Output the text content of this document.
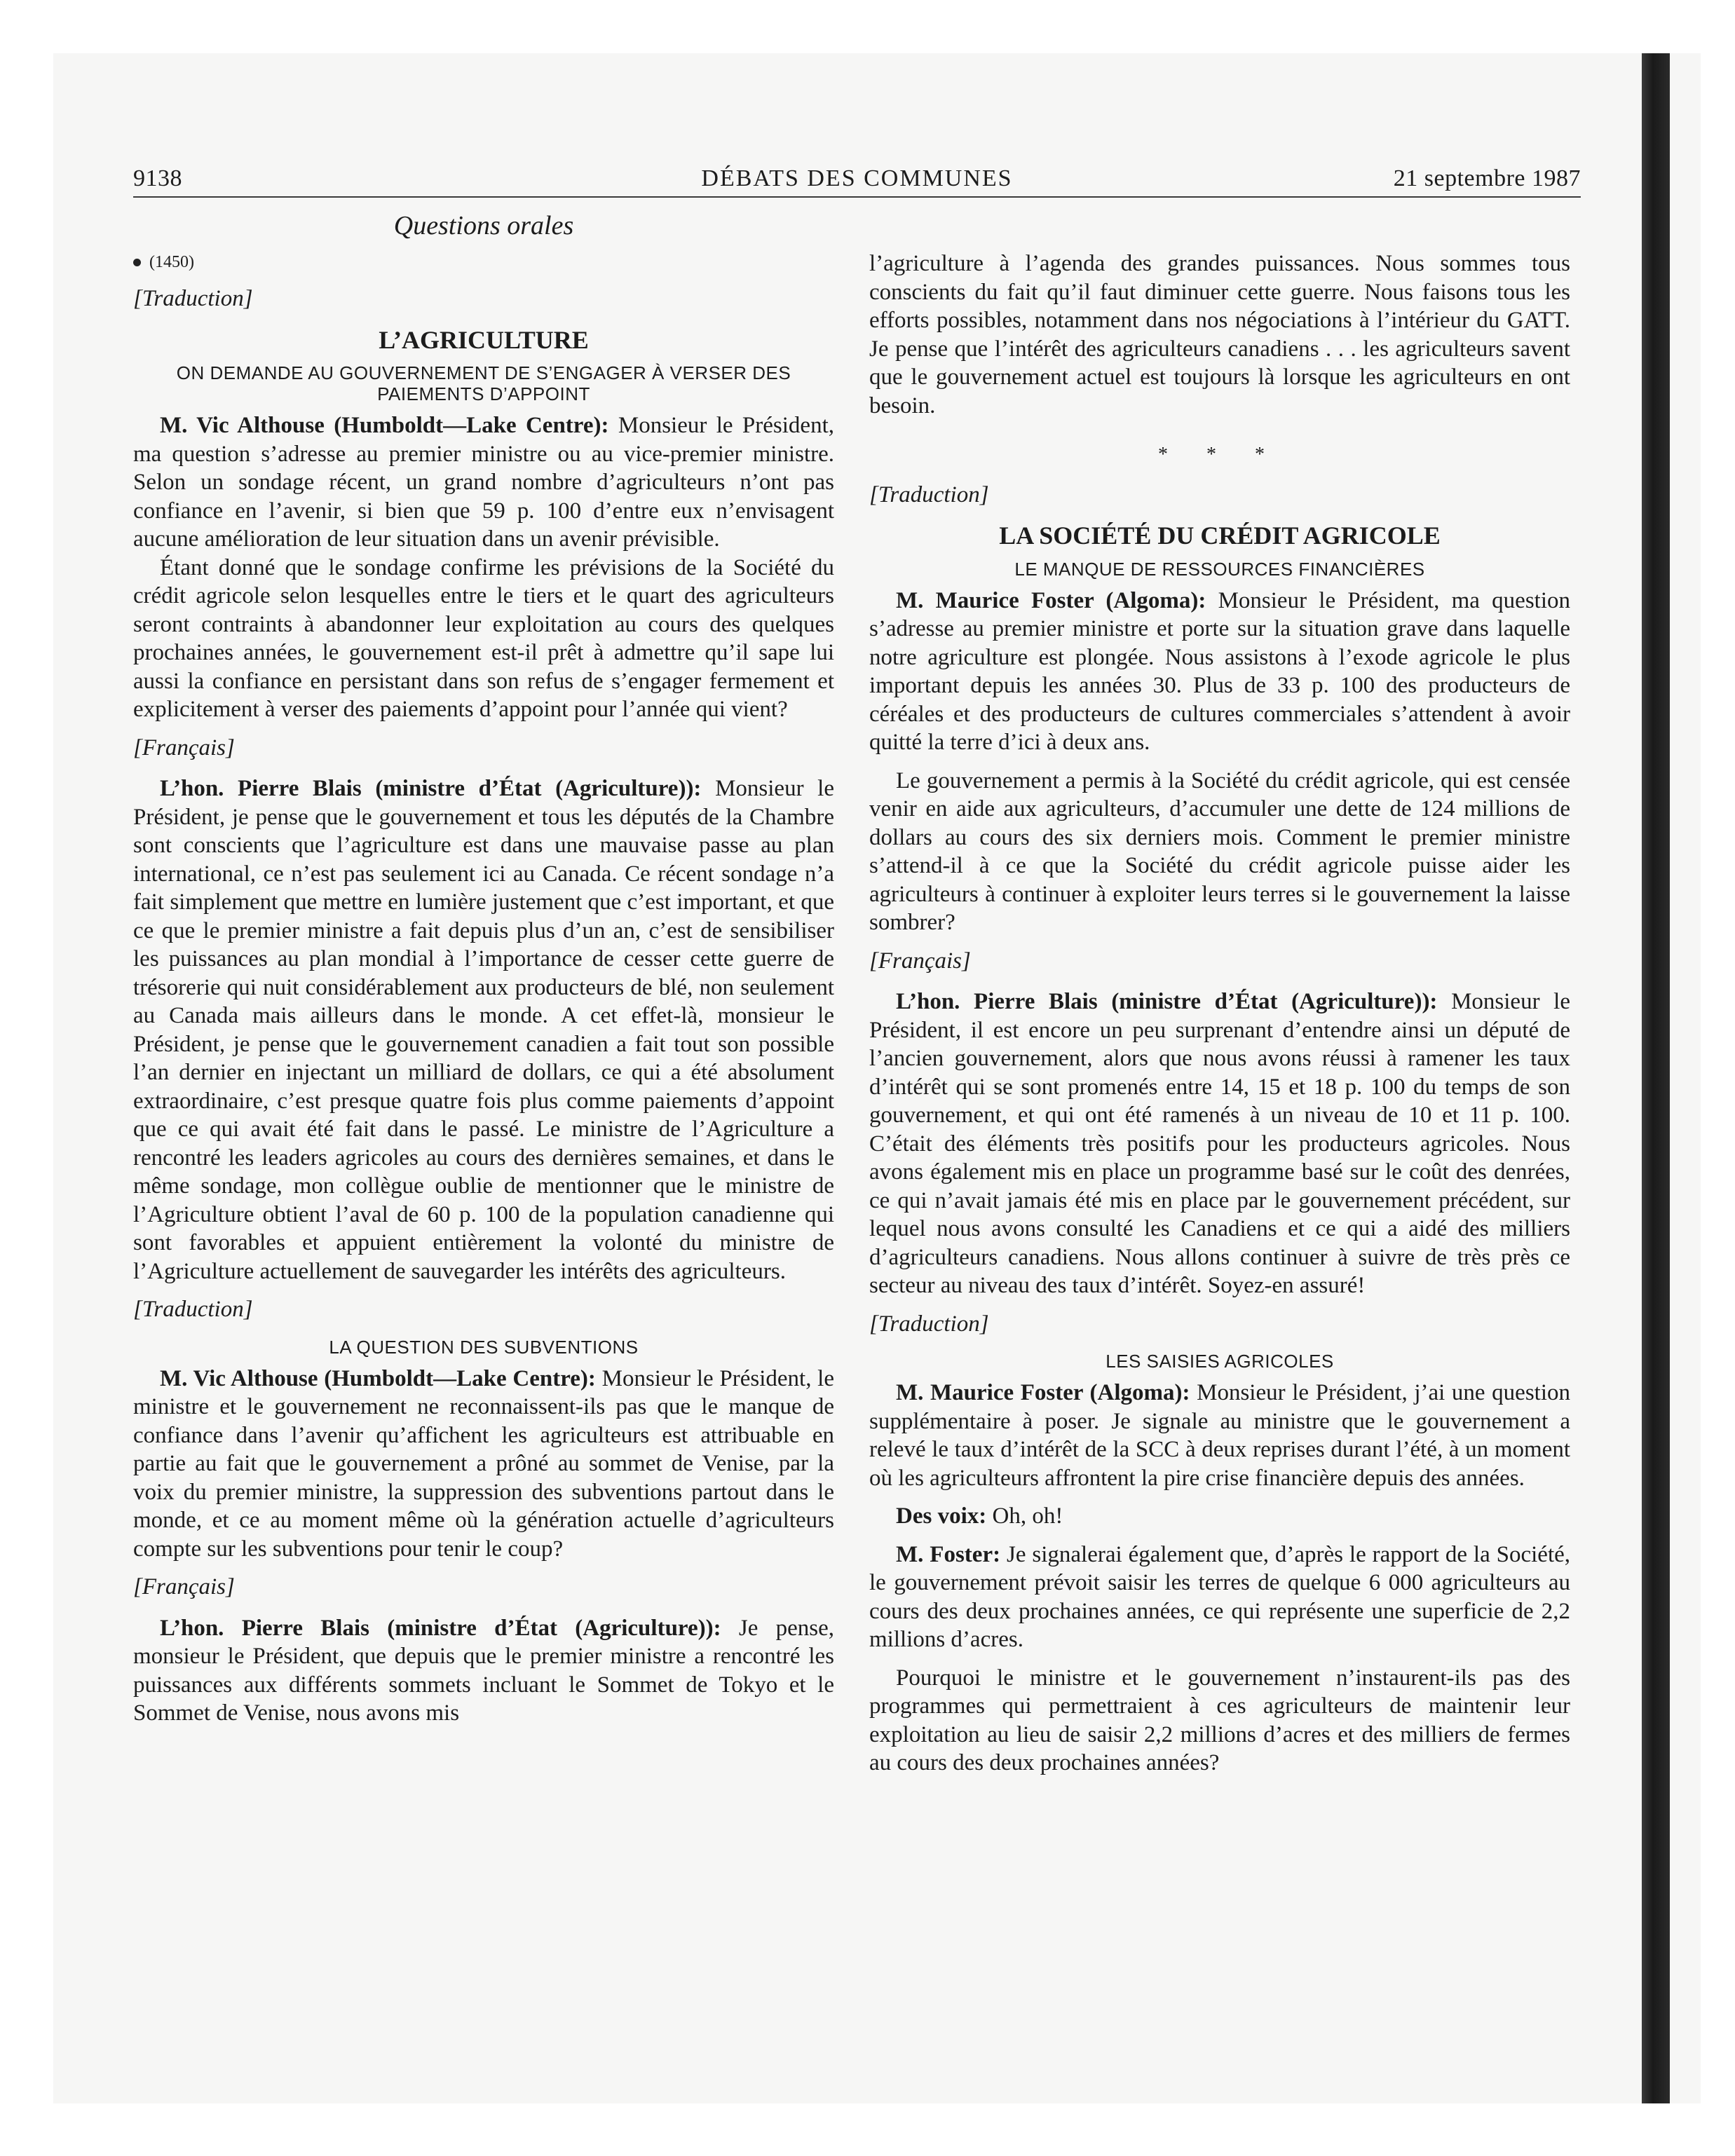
9138	DÉBATS DES COMMUNES	21 septembre 1987
Questions orales
(1450)
[Traduction]
L’AGRICULTURE
ON DEMANDE AU GOUVERNEMENT DE S’ENGAGER À VERSER DES PAIEMENTS D’APPOINT

M. Vic Althouse (Humboldt—Lake Centre): Monsieur le Président, ma question s’adresse au premier ministre ou au vice-premier ministre. Selon un sondage récent, un grand nombre d’agriculteurs n’ont pas confiance en l’avenir, si bien que 59 p. 100 d’entre eux n’envisagent aucune amélioration de leur situation dans un avenir prévisible.

Étant donné que le sondage confirme les prévisions de la Société du crédit agricole selon lesquelles entre le tiers et le quart des agriculteurs seront contraints à abandonner leur exploitation au cours des quelques prochaines années, le gouvernement est-il prêt à admettre qu’il sape lui aussi la confiance en persistant dans son refus de s’engager fermement et explicitement à verser des paiements d’appoint pour l’année qui vient?

[Français]

L’hon. Pierre Blais (ministre d’État (Agriculture)): Monsieur le Président, je pense que le gouvernement et tous les députés de la Chambre sont conscients que l’agriculture est dans une mauvaise passe au plan international, ce n’est pas seulement ici au Canada. Ce récent sondage n’a fait simplement que mettre en lumière justement que c’est important, et que ce que le premier ministre a fait depuis plus d’un an, c’est de sensibiliser les puissances au plan mondial à l’importance de cesser cette guerre de trésorerie qui nuit considérablement aux producteurs de blé, non seulement au Canada mais ailleurs dans le monde. A cet effet-là, monsieur le Président, je pense que le gouvernement canadien a fait tout son possible l’an dernier en injectant un milliard de dollars, ce qui a été absolument extraordinaire, c’est presque quatre fois plus comme paiements d’appoint que ce qui avait été fait dans le passé. Le ministre de l’Agriculture a rencontré les leaders agricoles au cours des dernières semaines, et dans le même sondage, mon collègue oublie de mentionner que le ministre de l’Agriculture obtient l’aval de 60 p. 100 de la population canadienne qui sont favorables et appuient entièrement la volonté du ministre de l’Agriculture actuellement de sauvegarder les intérêts des agriculteurs.

[Traduction]
LA QUESTION DES SUBVENTIONS

M. Vic Althouse (Humboldt—Lake Centre): Monsieur le Président, le ministre et le gouvernement ne reconnaissent-ils pas que le manque de confiance dans l’avenir qu’affichent les agriculteurs est attribuable en partie au fait que le gouvernement a prôné au sommet de Venise, par la voix du premier ministre, la suppression des subventions partout dans le monde, et ce au moment même où la génération actuelle d’agriculteurs compte sur les subventions pour tenir le coup?

[Français]

L’hon. Pierre Blais (ministre d’État (Agriculture)): Je pense, monsieur le Président, que depuis que le premier ministre a rencontré les puissances aux différents sommets incluant le Sommet de Tokyo et le Sommet de Venise, nous avons mis

l’agriculture à l’agenda des grandes puissances. Nous sommes tous conscients du fait qu’il faut diminuer cette guerre. Nous faisons tous les efforts possibles, notamment dans nos négociations à l’intérieur du GATT. Je pense que l’intérêt des agriculteurs canadiens . . . les agriculteurs savent que le gouvernement actuel est toujours là lorsque les agriculteurs en ont besoin.

* * *
[Traduction]
LA SOCIÉTÉ DU CRÉDIT AGRICOLE
LE MANQUE DE RESSOURCES FINANCIÈRES

M. Maurice Foster (Algoma): Monsieur le Président, ma question s’adresse au premier ministre et porte sur la situation grave dans laquelle notre agriculture est plongée. Nous assistons à l’exode agricole le plus important depuis les années 30. Plus de 33 p. 100 des producteurs de céréales et des producteurs de cultures commerciales s’attendent à avoir quitté la terre d’ici à deux ans.

Le gouvernement a permis à la Société du crédit agricole, qui est censée venir en aide aux agriculteurs, d’accumuler une dette de 124 millions de dollars au cours des six derniers mois. Comment le premier ministre s’attend-il à ce que la Société du crédit agricole puisse aider les agriculteurs à continuer à exploiter leurs terres si le gouvernement la laisse sombrer?

[Français]

L’hon. Pierre Blais (ministre d’État (Agriculture)): Monsieur le Président, il est encore un peu surprenant d’entendre ainsi un député de l’ancien gouvernement, alors que nous avons réussi à ramener les taux d’intérêt qui se sont promenés entre 14, 15 et 18 p. 100 du temps de son gouvernement, et qui ont été ramenés à un niveau de 10 et 11 p. 100. C’était des éléments très positifs pour les producteurs agricoles. Nous avons également mis en place un programme basé sur le coût des denrées, ce qui n’avait jamais été mis en place par le gouvernement précédent, sur lequel nous avons consulté les Canadiens et ce qui a aidé des milliers d’agriculteurs canadiens. Nous allons continuer à suivre de très près ce secteur au niveau des taux d’intérêt. Soyez-en assuré!

[Traduction]
LES SAISIES AGRICOLES

M. Maurice Foster (Algoma): Monsieur le Président, j’ai une question supplémentaire à poser. Je signale au ministre que le gouvernement a relevé le taux d’intérêt de la SCC à deux reprises durant l’été, à un moment où les agriculteurs affrontent la pire crise financière depuis des années.

Des voix: Oh, oh!

M. Foster: Je signalerai également que, d’après le rapport de la Société, le gouvernement prévoit saisir les terres de quelque 6 000 agriculteurs au cours des deux prochaines années, ce qui représente une superficie de 2,2 millions d’acres.

Pourquoi le ministre et le gouvernement n’instaurent-ils pas des programmes qui permettraient à ces agriculteurs de maintenir leur exploitation au lieu de saisir 2,2 millions d’acres et des milliers de fermes au cours des deux prochaines années?
